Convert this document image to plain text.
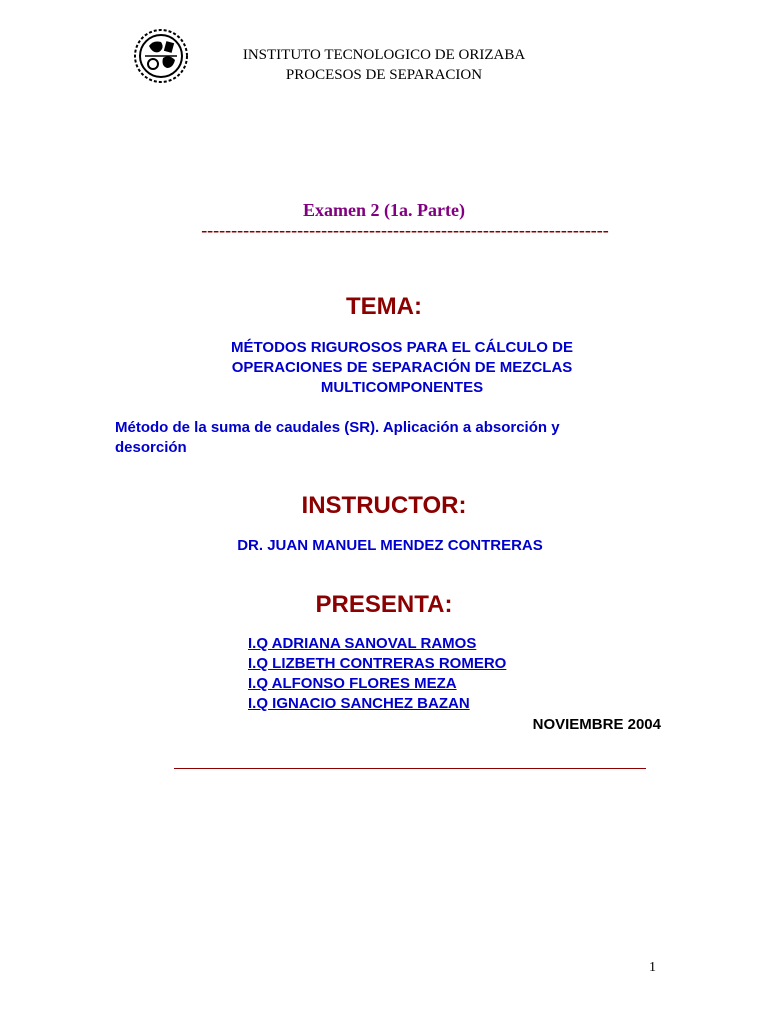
INSTITUTO TECNOLOGICO DE ORIZABA
PROCESOS DE SEPARACION
Examen 2 (1a. Parte)
--------------------------------------------------------------------
TEMA:
MÉTODOS RIGUROSOS PARA EL CÁLCULO DE
OPERACIONES DE SEPARACIÓN DE MEZCLAS
MULTICOMPONENTES
Método de la suma de caudales (SR). Aplicación a absorción y
desorción
INSTRUCTOR:
DR. JUAN MANUEL MENDEZ CONTRERAS
PRESENTA:
I.Q ADRIANA SANOVAL RAMOS
I.Q LIZBETH CONTRERAS ROMERO
I.Q ALFONSO FLORES MEZA
I.Q IGNACIO SANCHEZ BAZAN
NOVIEMBRE 2004
1
